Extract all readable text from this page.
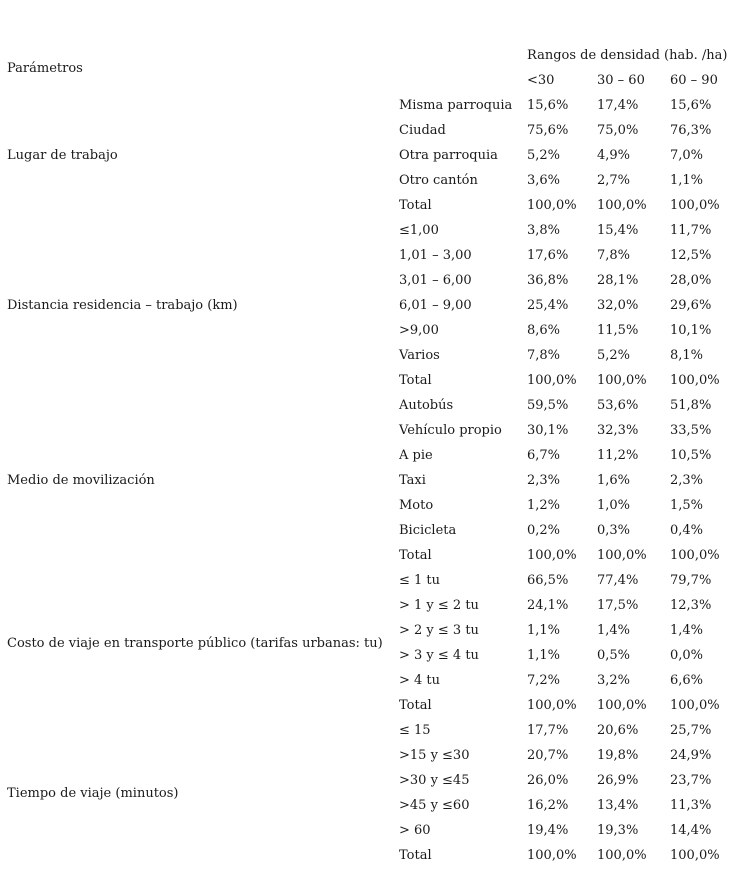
Parámetros		Rangos de densidad (hab. /ha)		
		<30	30 – 60	60 – 90
Lugar de trabajo	Misma parroquia	15,6%	17,4%	15,6%
	Ciudad	75,6%	75,0%	76,3%
	Otra parroquia	5,2%	4,9%	7,0%
	Otro cantón	3,6%	2,7%	1,1%
	Total	100,0%	100,0%	100,0%
Distancia residencia – trabajo (km)	≤1,00	3,8%	15,4%	11,7%
	1,01 – 3,00	17,6%	7,8%	12,5%
	3,01 – 6,00	36,8%	28,1%	28,0%
	6,01 – 9,00	25,4%	32,0%	29,6%
	>9,00	8,6%	11,5%	10,1%
	Varios	7,8%	5,2%	8,1%
	Total	100,0%	100,0%	100,0%
Medio de movilización	Autobús	59,5%	53,6%	51,8%
	Vehículo propio	30,1%	32,3%	33,5%
	A pie	6,7%	11,2%	10,5%
	Taxi	2,3%	1,6%	2,3%
	Moto	1,2%	1,0%	1,5%
	Bicicleta	0,2%	0,3%	0,4%
	Total	100,0%	100,0%	100,0%
Costo de viaje en transporte público (tarifas urbanas: tu)	≤ 1 tu	66,5%	77,4%	79,7%
	> 1 y ≤ 2 tu	24,1%	17,5%	12,3%
	> 2 y ≤ 3 tu	1,1%	1,4%	1,4%
	> 3 y ≤ 4 tu	1,1%	0,5%	0,0%
	> 4 tu	7,2%	3,2%	6,6%
	Total	100,0%	100,0%	100,0%
Tiempo de viaje (minutos)	≤ 15	17,7%	20,6%	25,7%
	>15 y ≤30	20,7%	19,8%	24,9%
	>30 y ≤45	26,0%	26,9%	23,7%
	>45 y ≤60	16,2%	13,4%	11,3%
	> 60	19,4%	19,3%	14,4%
	Total	100,0%	100,0%	100,0%
